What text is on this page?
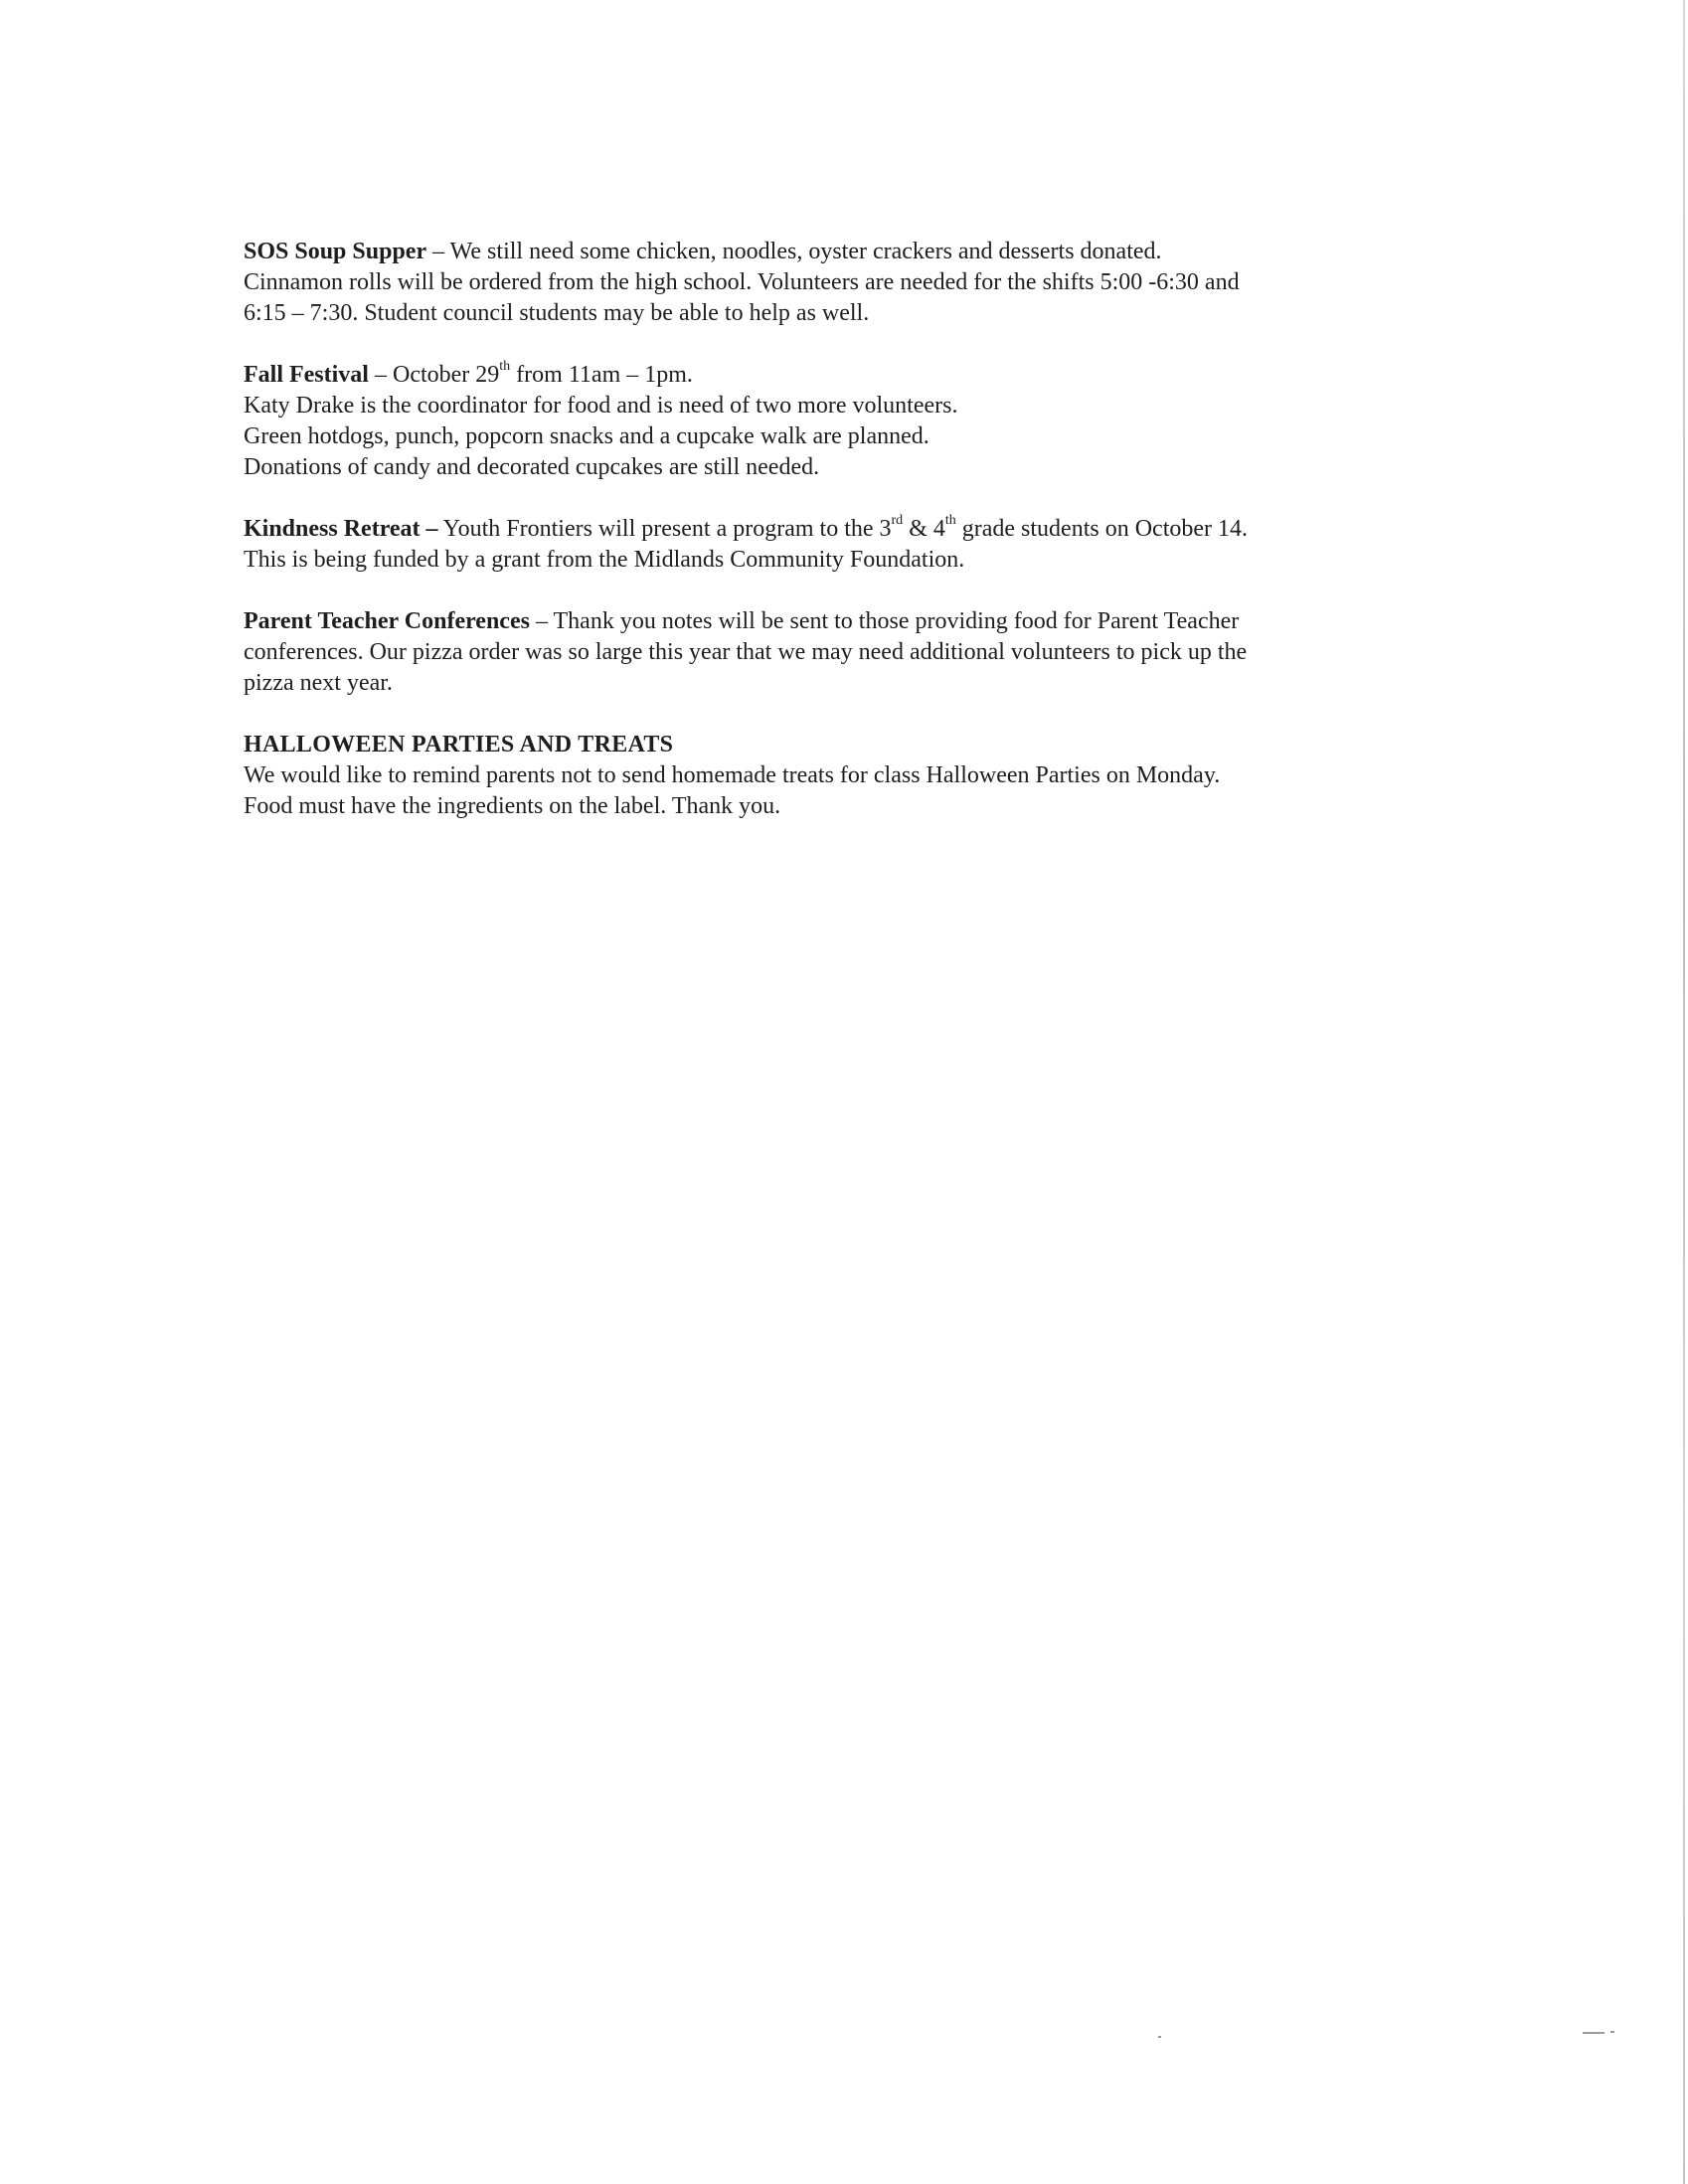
SOS Soup Supper – We still need some chicken, noodles, oyster crackers and desserts donated.

Cinnamon rolls will be ordered from the high school. Volunteers are needed for the shifts 5:00 -6:30 and

6:15 – 7:30. Student council students may be able to help as well.

Fall Festival – October 29th from 11am – 1pm.

Katy Drake is the coordinator for food and is need of two more volunteers.

Green hotdogs, punch, popcorn snacks and a cupcake walk are planned.

Donations of candy and decorated cupcakes are still needed.

Kindness Retreat – Youth Frontiers will present a program to the 3rd & 4th grade students on October 14.

This is being funded by a grant from the Midlands Community Foundation.

Parent Teacher Conferences – Thank you notes will be sent to those providing food for Parent Teacher

conferences. Our pizza order was so large this year that we may need additional volunteers to pick up the

pizza next year.

HALLOWEEN PARTIES AND TREATS

We would like to remind parents not to send homemade treats for class Halloween Parties on Monday.

Food must have the ingredients on the label. Thank you.
